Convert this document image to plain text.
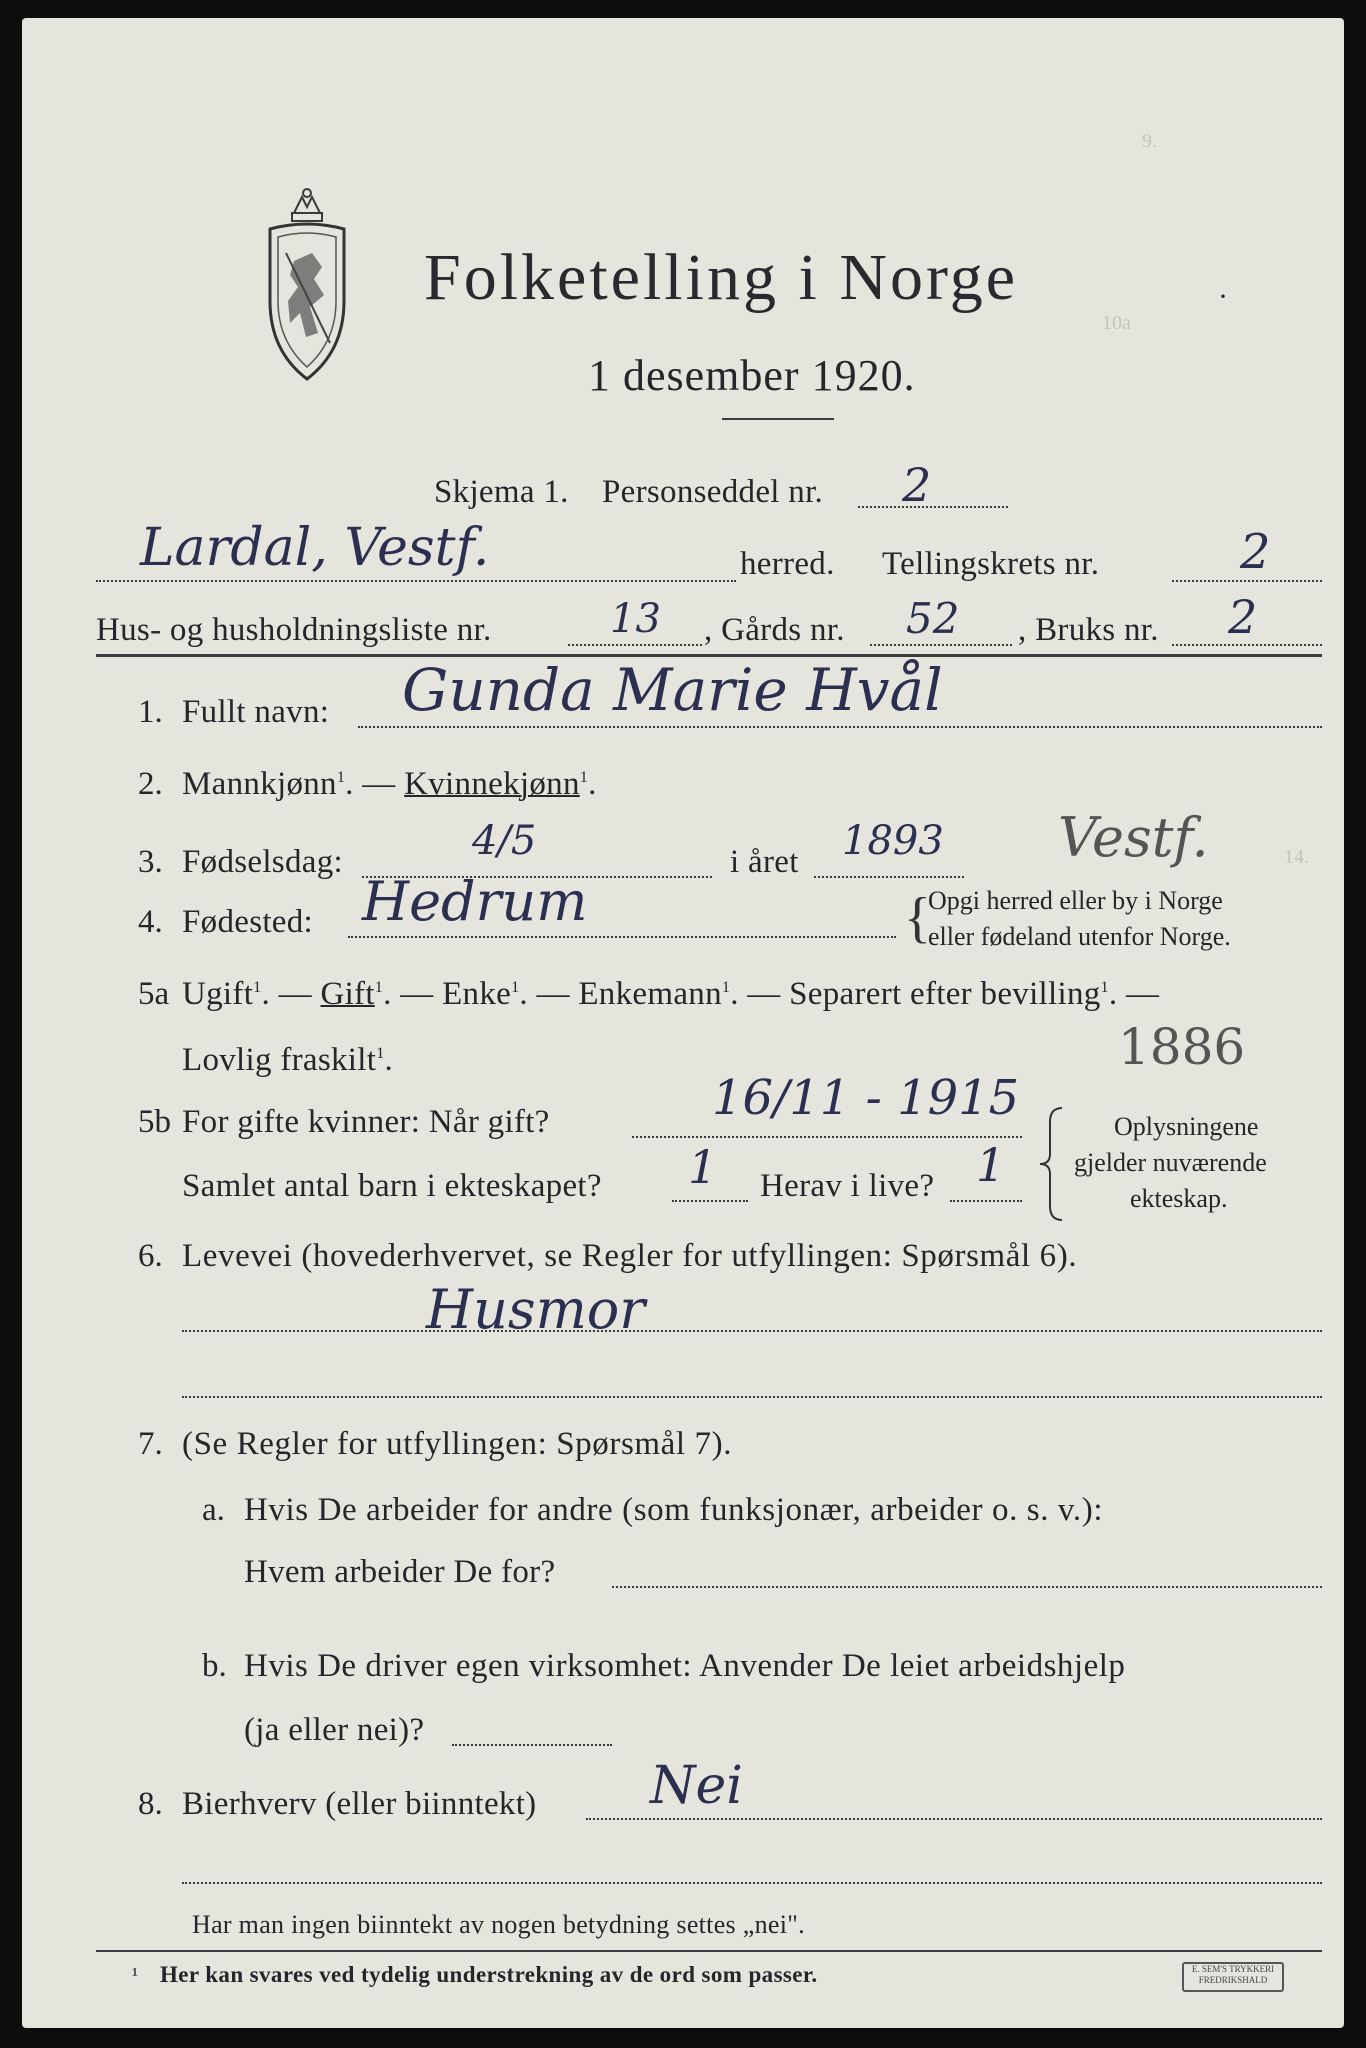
9.
10a
14.
Folketelling i Norge	·
1 desember 1920.
Skjema 1. Personseddel nr. 2
Lardal, Vestf.	herred. Tellingskrets nr.	2
Hus- og husholdningsliste nr.	13 , Gårds nr. 52 , Bruks nr. 2
1. Fullt navn: Gunda Marie Hvål
2. Mannkjønn$^1$. — Kvinnekjønn$^1$.
3. Fødselsdag:	4/5	i året 1893 Vestf.
4. Fødested: Hedrum	{
Opgi herred eller by i Norge
eller fødeland utenfor Norge.
5a Ugift$^1$. — Gift$^1$. — Enke$^1$. — Enkemann$^1$. — Separert efter bevilling$^1$. —
Lovlig fraskilt$^1$.	1886
5b For gifte kvinner: Når gift?	16/11 - 1915
Samlet antal barn i ekteskapet? 1 Herav i live? 1
Oplysningene
gjelder nuværende
ekteskap.
6. Levevei (hovederhvervet, se Regler for utfyllingen: Spørsmål 6).
Husmor
7. (Se Regler for utfyllingen: Spørsmål 7).
a. Hvis De arbeider for andre (som funksjonær, arbeider o. s. v.):
Hvem arbeider De for?
b. Hvis De driver egen virksomhet: Anvender De leiet arbeidshjelp
(ja eller nei)?
8. Bierhverv (eller biinntekt) Nei
Har man ingen biinntekt av nogen betydning settes „nei".
¹ Her kan svares ved tydelig understrekning av de ord som passer.	E. SEM'S TRYKKERI
FREDRIKSHALD
